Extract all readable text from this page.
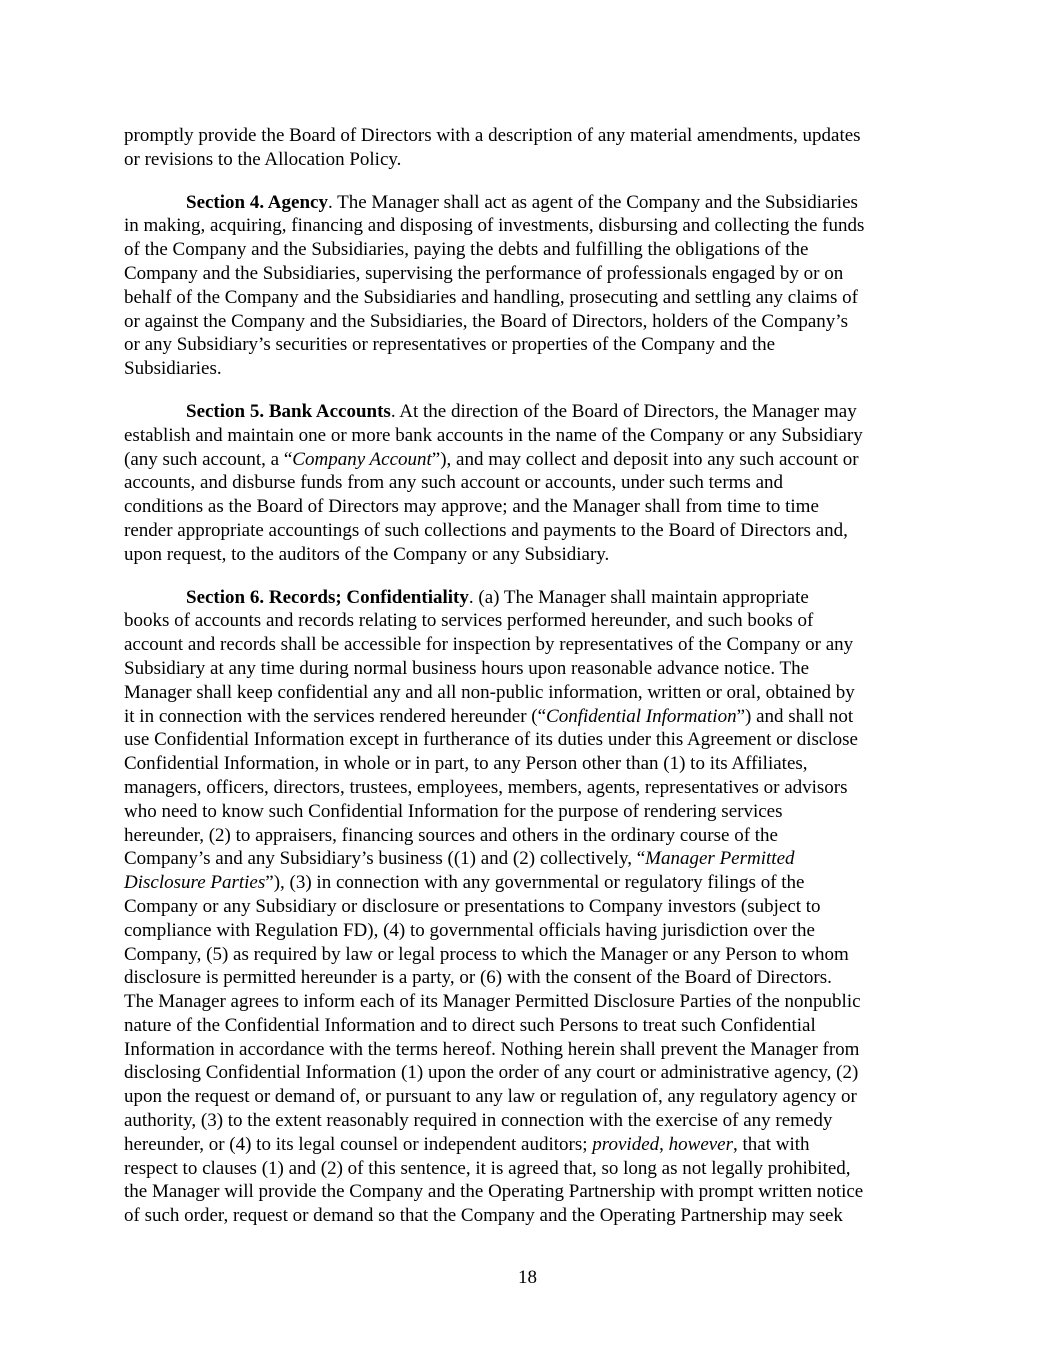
promptly provide the Board of Directors with a description of any material amendments, updates
or revisions to the Allocation Policy.

Section 4. Agency. The Manager shall act as agent of the Company and the Subsidiaries
in making, acquiring, financing and disposing of investments, disbursing and collecting the funds
of the Company and the Subsidiaries, paying the debts and fulfilling the obligations of the
Company and the Subsidiaries, supervising the performance of professionals engaged by or on
behalf of the Company and the Subsidiaries and handling, prosecuting and settling any claims of
or against the Company and the Subsidiaries, the Board of Directors, holders of the Company’s
or any Subsidiary’s securities or representatives or properties of the Company and the
Subsidiaries.

Section 5. Bank Accounts. At the direction of the Board of Directors, the Manager may
establish and maintain one or more bank accounts in the name of the Company or any Subsidiary
(any such account, a “Company Account”), and may collect and deposit into any such account or
accounts, and disburse funds from any such account or accounts, under such terms and
conditions as the Board of Directors may approve; and the Manager shall from time to time
render appropriate accountings of such collections and payments to the Board of Directors and,
upon request, to the auditors of the Company or any Subsidiary.

Section 6. Records; Confidentiality. (a) The Manager shall maintain appropriate
books of accounts and records relating to services performed hereunder, and such books of
account and records shall be accessible for inspection by representatives of the Company or any
Subsidiary at any time during normal business hours upon reasonable advance notice. The
Manager shall keep confidential any and all non-public information, written or oral, obtained by
it in connection with the services rendered hereunder (“Confidential Information”) and shall not
use Confidential Information except in furtherance of its duties under this Agreement or disclose
Confidential Information, in whole or in part, to any Person other than (1) to its Affiliates,
managers, officers, directors, trustees, employees, members, agents, representatives or advisors
who need to know such Confidential Information for the purpose of rendering services
hereunder, (2) to appraisers, financing sources and others in the ordinary course of the
Company’s and any Subsidiary’s business ((1) and (2) collectively, “Manager Permitted
Disclosure Parties”), (3) in connection with any governmental or regulatory filings of the
Company or any Subsidiary or disclosure or presentations to Company investors (subject to
compliance with Regulation FD), (4) to governmental officials having jurisdiction over the
Company, (5) as required by law or legal process to which the Manager or any Person to whom
disclosure is permitted hereunder is a party, or (6) with the consent of the Board of Directors.
The Manager agrees to inform each of its Manager Permitted Disclosure Parties of the nonpublic
nature of the Confidential Information and to direct such Persons to treat such Confidential
Information in accordance with the terms hereof. Nothing herein shall prevent the Manager from
disclosing Confidential Information (1) upon the order of any court or administrative agency, (2)
upon the request or demand of, or pursuant to any law or regulation of, any regulatory agency or
authority, (3) to the extent reasonably required in connection with the exercise of any remedy
hereunder, or (4) to its legal counsel or independent auditors; provided, however, that with
respect to clauses (1) and (2) of this sentence, it is agreed that, so long as not legally prohibited,
the Manager will provide the Company and the Operating Partnership with prompt written notice
of such order, request or demand so that the Company and the Operating Partnership may seek

18
